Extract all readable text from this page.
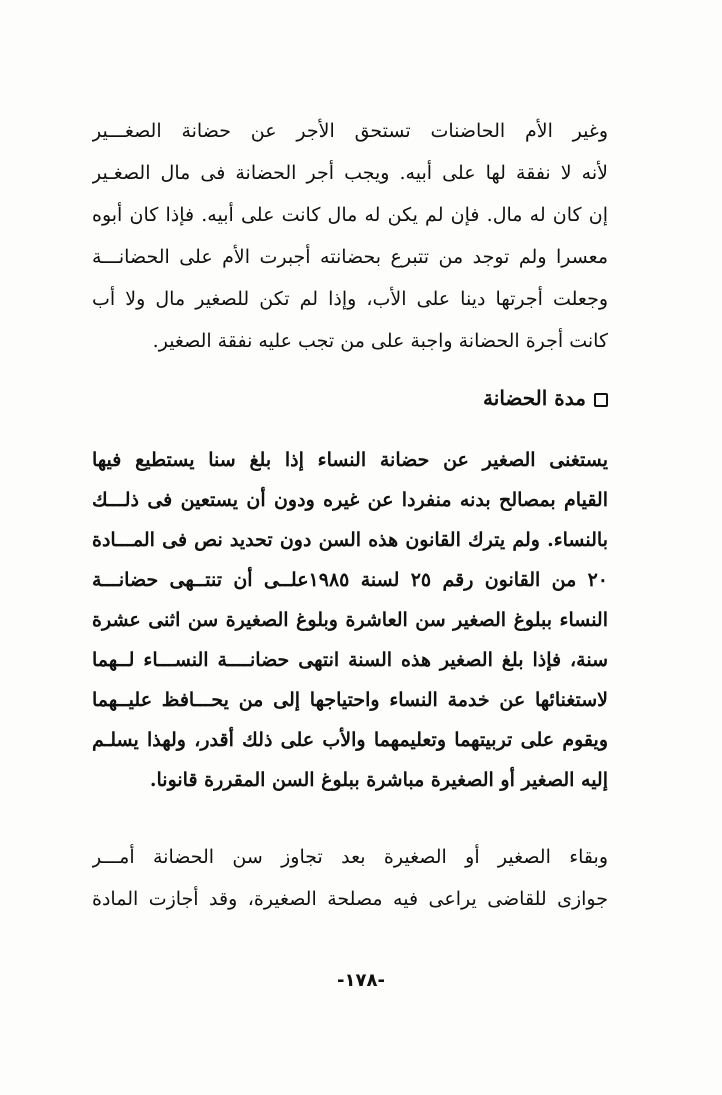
وغير الأم الحاضنات تستحق الأجر عن حضانة الصغـــير
لأنه لا نفقة لها على أبيه. ويجب أجر الحضانة فى مال الصغـير
إن كان له مال. فإن لم يكن له مال كانت على أبيه. فإذا كان أبوه
معسرا ولم توجد من تتبرع بحضانته أجبرت الأم على الحضانـــة
وجعلت أجرتها دينا على الأب، وإذا لم تكن للصغير مال ولا أب
كانت أجرة الحضانة واجبة على من تجب عليه نفقة الصغير.
مدة الحضانة
يستغنى الصغير عن حضانة النساء إذا بلغ سنا يستطيع فيها
القيام بمصالح بدنه منفردا عن غيره ودون أن يستعين فى ذلـــك
بالنساء. ولم يترك القانون هذه السن دون تحديد نص فى المـــادة
٢٠ من القانون رقم ٢٥ لسنة ١٩٨٥علــى أن تنتــهى حضانـــة
النساء ببلوغ الصغير سن العاشرة وبلوغ الصغيرة سن اثنى عشرة
سنة، فإذا بلغ الصغير هذه السنة انتهى حضانــــة النســـاء لــهما
لاستغنائها عن خدمة النساء واحتياجها إلى من يحـــافظ عليــهما
ويقوم على تربيتهما وتعليمهما والأب على ذلك أقدر، ولهذا يسلـم
إليه الصغير أو الصغيرة مباشرة ببلوغ السن المقررة قانونا.
وبقاء الصغير أو الصغيرة بعد تجاوز سن الحضانة أمـــر
جوازى للقاضى يراعى فيه مصلحة الصغيرة، وقد أجازت المادة
-١٧٨-
